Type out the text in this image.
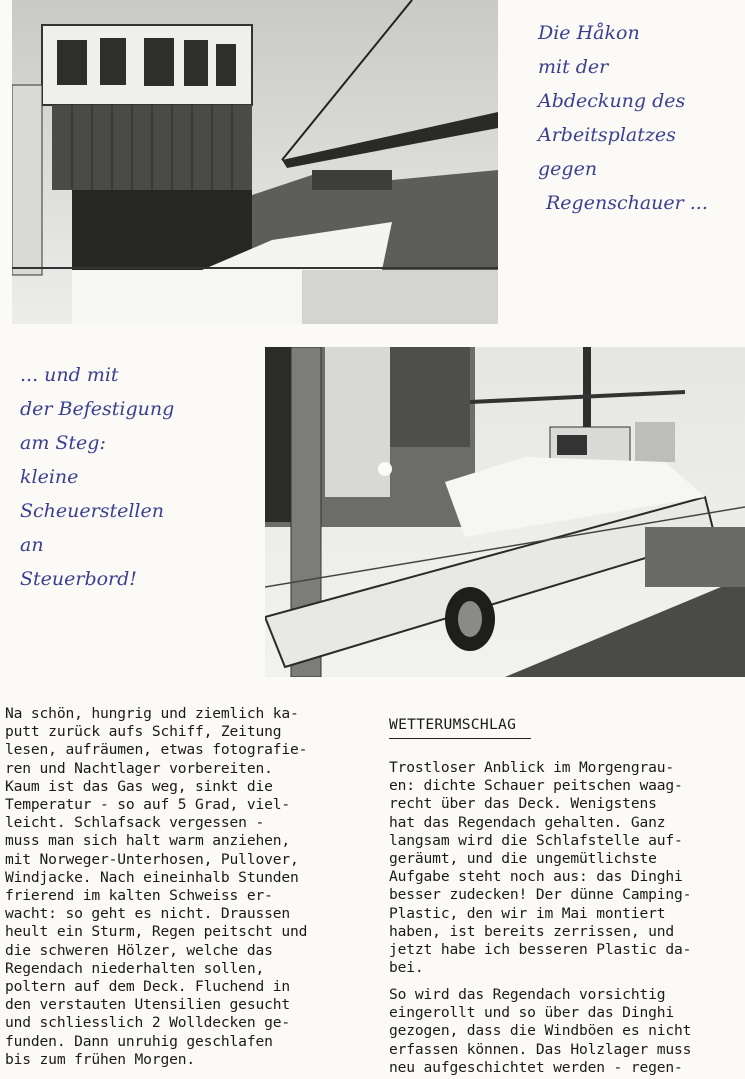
Die Håkon
mit der
Abdeckung des
Arbeitsplatzes
gegen
Regenschauer ...
... und mit
der Befestigung
am Steg:
kleine
Scheuerstellen
an
Steuerbord!
Na schön, hungrig und ziemlich ka-
putt zurück aufs Schiff, Zeitung
lesen, aufräumen, etwas fotografie-
ren und Nachtlager vorbereiten.
Kaum ist das Gas weg, sinkt die
Temperatur - so auf 5 Grad, viel-
leicht. Schlafsack vergessen -
muss man sich halt warm anziehen,
mit Norweger-Unterhosen, Pullover,
Windjacke. Nach eineinhalb Stunden
frierend im kalten Schweiss er-
wacht: so geht es nicht. Draussen
heult ein Sturm, Regen peitscht und
die schweren Hölzer, welche das
Regendach niederhalten sollen,
poltern auf dem Deck. Fluchend in
den verstauten Utensilien gesucht
und schliesslich 2 Wolldecken ge-
funden. Dann unruhig geschlafen
bis zum frühen Morgen.
WETTERUMSCHLAG
Trostloser Anblick im Morgengrau-
en: dichte Schauer peitschen waag-
recht über das Deck. Wenigstens
hat das Regendach gehalten. Ganz
langsam wird die Schlafstelle auf-
geräumt, und die ungemütlichste
Aufgabe steht noch aus: das Dinghi
besser zudecken! Der dünne Camping-
Plastic, den wir im Mai montiert
haben, ist bereits zerrissen, und
jetzt habe ich besseren Plastic da-
bei.
So wird das Regendach vorsichtig
eingerollt und so über das Dinghi
gezogen, dass die Windböen es nicht
erfassen können. Das Holzlager muss
neu aufgeschichtet werden - regen-
